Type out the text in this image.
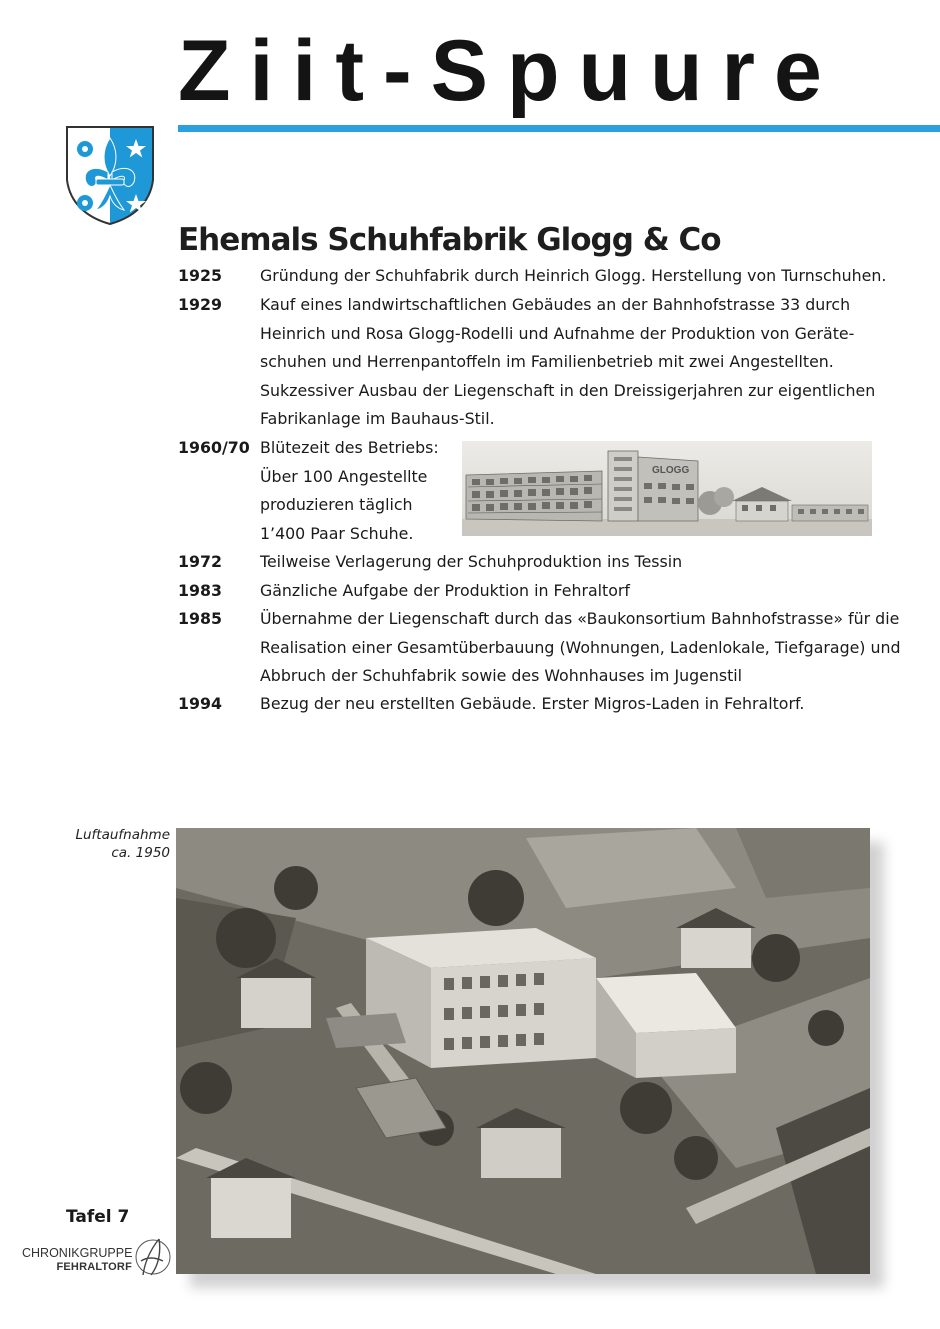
Ziit-Spuure
Ehemals Schuhfabrik Glogg & Co
1925	Gründung der Schuhfabrik durch Heinrich Glogg. Herstellung von Turnschuhen.
1929	Kauf eines landwirtschaftlichen Gebäudes an der Bahnhofstrasse 33 durch
Heinrich und Rosa Glogg-Rodelli und Aufnahme der Produktion von Geräte-
schuhen und Herrenpantoffeln im Familienbetrieb mit zwei Angestellten.
Sukzessiver Ausbau der Liegenschaft in den Dreissigerjahren zur eigentlichen
Fabrikanlage im Bauhaus-Stil.
1960/70 Blütezeit des Betriebs:
Über 100 Angestellte
produzieren täglich
1’400 Paar Schuhe.
GLOGG
1972	Teilweise Verlagerung der Schuhproduktion ins Tessin
1983	Gänzliche Aufgabe der Produktion in Fehraltorf
1985	Übernahme der Liegenschaft durch das «Baukonsortium Bahnhofstrasse» für die
Realisation einer Gesamtüberbauung (Wohnungen, Ladenlokale, Tiefgarage) und
Abbruch der Schuhfabrik sowie des Wohnhauses im Jugenstil
1994	Bezug der neu erstellten Gebäude. Erster Migros-Laden in Fehraltorf.
Luftaufnahme
ca. 1950
Tafel 7
CHRONIKGRUPPE
FEHRALTORF
